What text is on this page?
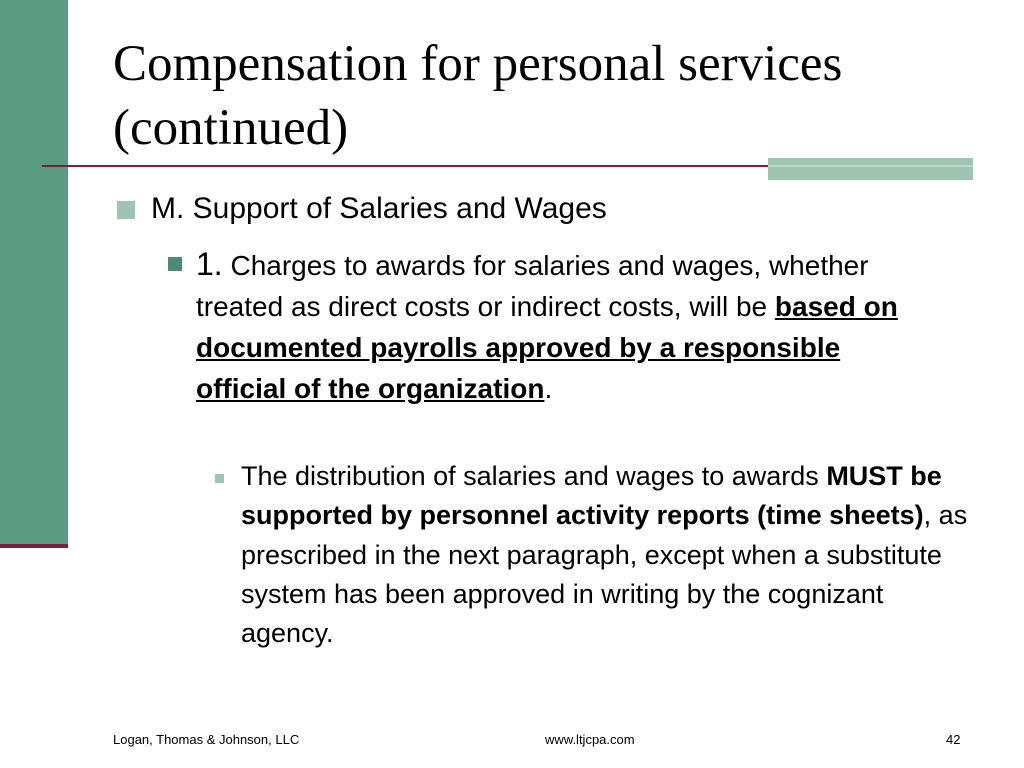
Compensation for personal services
(continued)
M. Support of Salaries and Wages
1. Charges to awards for salaries and wages, whether treated as direct costs or indirect costs, will be based on documented payrolls approved by a responsible official of the organization.
The distribution of salaries and wages to awards MUST be supported by personnel activity reports (time sheets), as prescribed in the next paragraph, except when a substitute system has been approved in writing by the cognizant agency.
Logan, Thomas & Johnson, LLC	www.ltjcpa.com	42
